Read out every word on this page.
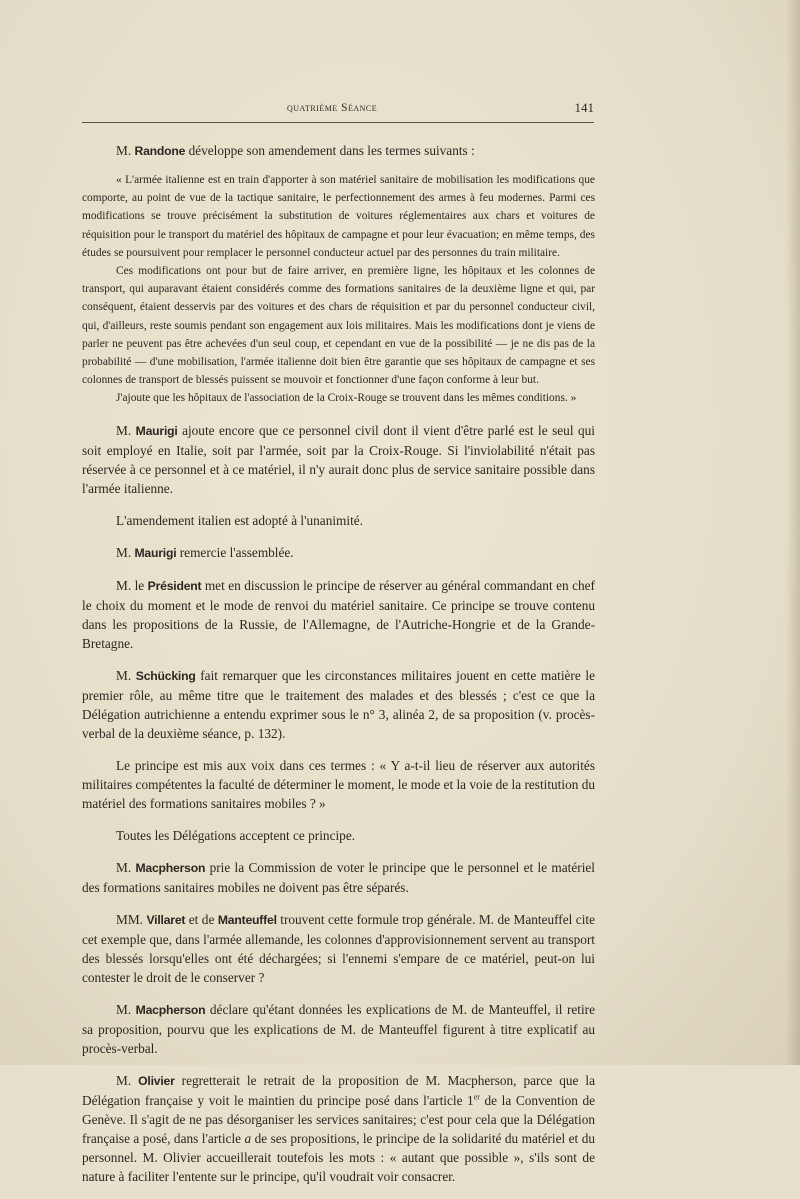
quatrième Séance	141

M. Randone développe son amendement dans les termes suivants :

« L'armée italienne est en train d'apporter à son matériel sanitaire de mobilisation les modifications que comporte, au point de vue de la tactique sanitaire, le perfectionnement des armes à feu modernes. Parmi ces modifications se trouve précisément la substitution de voitures réglementaires aux chars et voitures de réquisition pour le transport du matériel des hôpitaux de campagne et pour leur évacuation; en même temps, des études se poursuivent pour remplacer le personnel conducteur actuel par des personnes du train militaire.

Ces modifications ont pour but de faire arriver, en première ligne, les hôpitaux et les colonnes de transport, qui auparavant étaient considérés comme des formations sanitaires de la deuxième ligne et qui, par conséquent, étaient desservis par des voitures et des chars de réquisition et par du personnel conducteur civil, qui, d'ailleurs, reste soumis pendant son engagement aux lois militaires. Mais les modifications dont je viens de parler ne peuvent pas être achevées d'un seul coup, et cependant en vue de la possibilité — je ne dis pas de la probabilité — d'une mobilisation, l'armée italienne doit bien être garantie que ses hôpitaux de campagne et ses colonnes de transport de blessés puissent se mouvoir et fonctionner d'une façon conforme à leur but.

J'ajoute que les hôpitaux de l'association de la Croix-Rouge se trouvent dans les mêmes conditions. »

M. Maurigi ajoute encore que ce personnel civil dont il vient d'être parlé est le seul qui soit employé en Italie, soit par l'armée, soit par la Croix-Rouge. Si l'inviolabilité n'était pas réservée à ce personnel et à ce matériel, il n'y aurait donc plus de service sanitaire possible dans l'armée italienne.

L'amendement italien est adopté à l'unanimité.

M. Maurigi remercie l'assemblée.

M. le Président met en discussion le principe de réserver au général commandant en chef le choix du moment et le mode de renvoi du matériel sanitaire. Ce principe se trouve contenu dans les propositions de la Russie, de l'Allemagne, de l'Autriche-Hongrie et de la Grande-Bretagne.

M. Schücking fait remarquer que les circonstances militaires jouent en cette matière le premier rôle, au même titre que le traitement des malades et des blessés ; c'est ce que la Délégation autrichienne a entendu exprimer sous le n° 3, alinéa 2, de sa proposition (v. procès-verbal de la deuxième séance, p. 132).

Le principe est mis aux voix dans ces termes : « Y a-t-il lieu de réserver aux autorités militaires compétentes la faculté de déterminer le moment, le mode et la voie de la restitution du matériel des formations sanitaires mobiles ? »

Toutes les Délégations acceptent ce principe.

M. Macpherson prie la Commission de voter le principe que le personnel et le matériel des formations sanitaires mobiles ne doivent pas être séparés.

MM. Villaret et de Manteuffel trouvent cette formule trop générale. M. de Manteuffel cite cet exemple que, dans l'armée allemande, les colonnes d'approvisionnement servent au transport des blessés lorsqu'elles ont été déchargées; si l'ennemi s'empare de ce matériel, peut-on lui contester le droit de le conserver ?

M. Macpherson déclare qu'étant données les explications de M. de Manteuffel, il retire sa proposition, pourvu que les explications de M. de Manteuffel figurent à titre explicatif au procès-verbal.

M. Olivier regretterait le retrait de la proposition de M. Macpherson, parce que la Délégation française y voit le maintien du principe posé dans l'article 1er de la Convention de Genève. Il s'agit de ne pas désorganiser les services sanitaires; c'est pour cela que la Délégation française a posé, dans l'article a de ses propositions, le principe de la solidarité du matériel et du personnel. M. Olivier accueillerait toutefois les mots : « autant que possible », s'ils sont de nature à faciliter l'entente sur le principe, qu'il voudrait voir consacrer.
